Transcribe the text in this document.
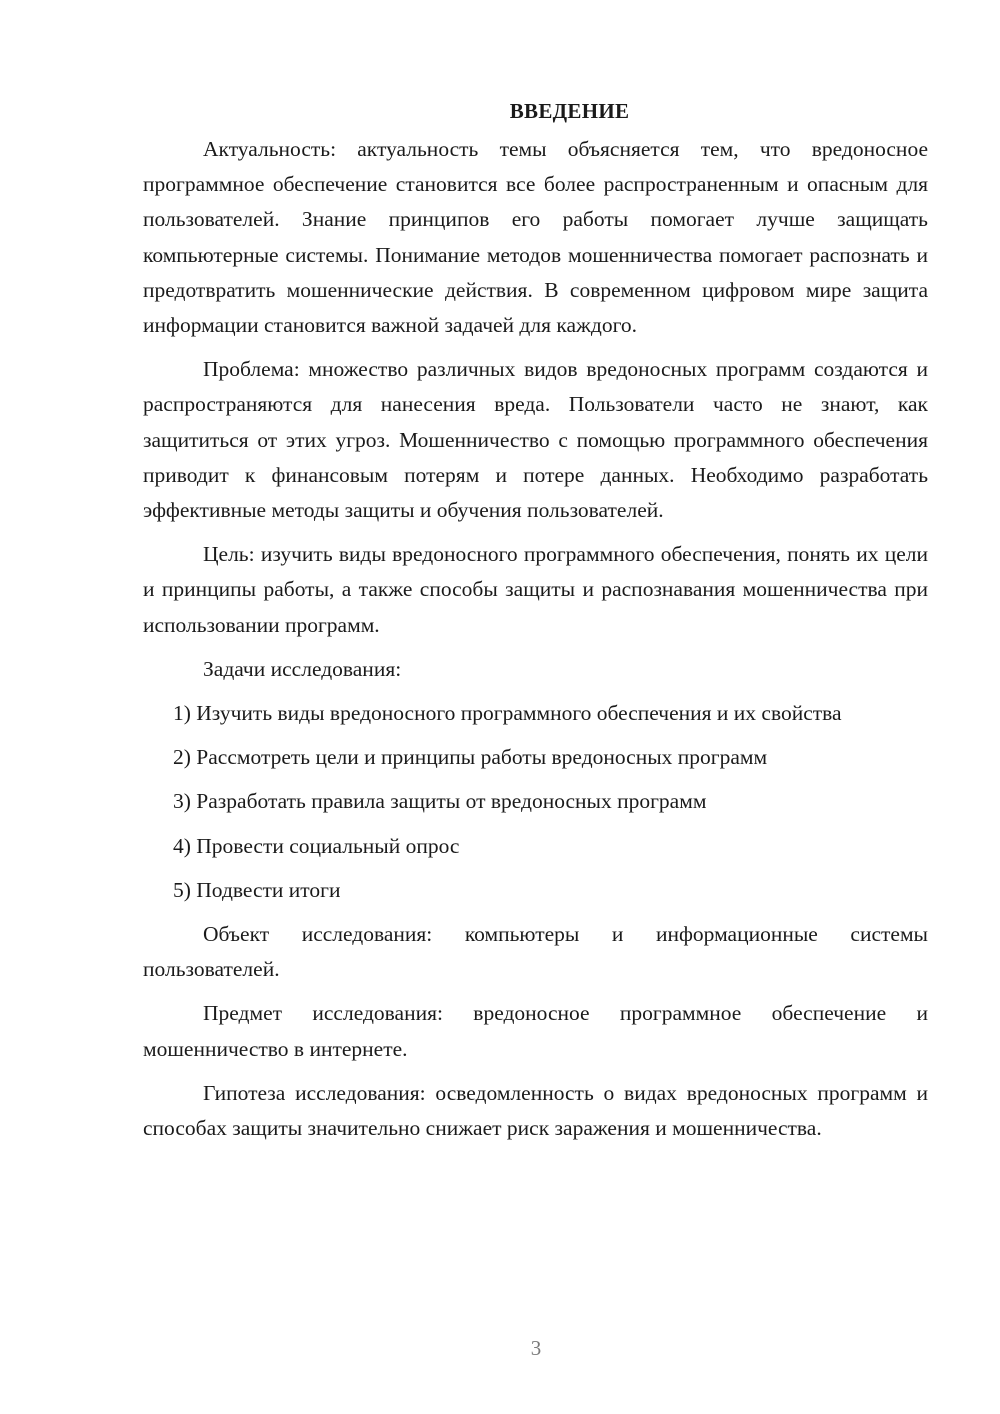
ВВЕДЕНИЕ

Актуальность: актуальность темы объясняется тем, что вредоносное программное обеспечение становится все более распространенным и опасным для пользователей. Знание принципов его работы помогает лучше защищать компьютерные системы. Понимание методов мошенничества помогает распознать и предотвратить мошеннические действия. В современном цифровом мире защита информации становится важной задачей для каждого.

Проблема: множество различных видов вредоносных программ создаются и распространяются для нанесения вреда. Пользователи часто не знают, как защититься от этих угроз. Мошенничество с помощью программного обеспечения приводит к финансовым потерям и потере данных. Необходимо разработать эффективные методы защиты и обучения пользователей.

Цель: изучить виды вредоносного программного обеспечения, понять их цели и принципы работы, а также способы защиты и распознавания мошенничества при использовании программ.

Задачи исследования:

1) Изучить виды вредоносного программного обеспечения и их свойства

2) Рассмотреть цели и принципы работы вредоносных программ

3) Разработать правила защиты от вредоносных программ

4) Провести социальный опрос

5) Подвести итоги

Объект исследования: компьютеры и информационные системы пользователей.

Предмет исследования: вредоносное программное обеспечение и мошенничество в интернете.

Гипотеза исследования: осведомленность о видах вредоносных программ и способах защиты значительно снижает риск заражения и мошенничества.

3
